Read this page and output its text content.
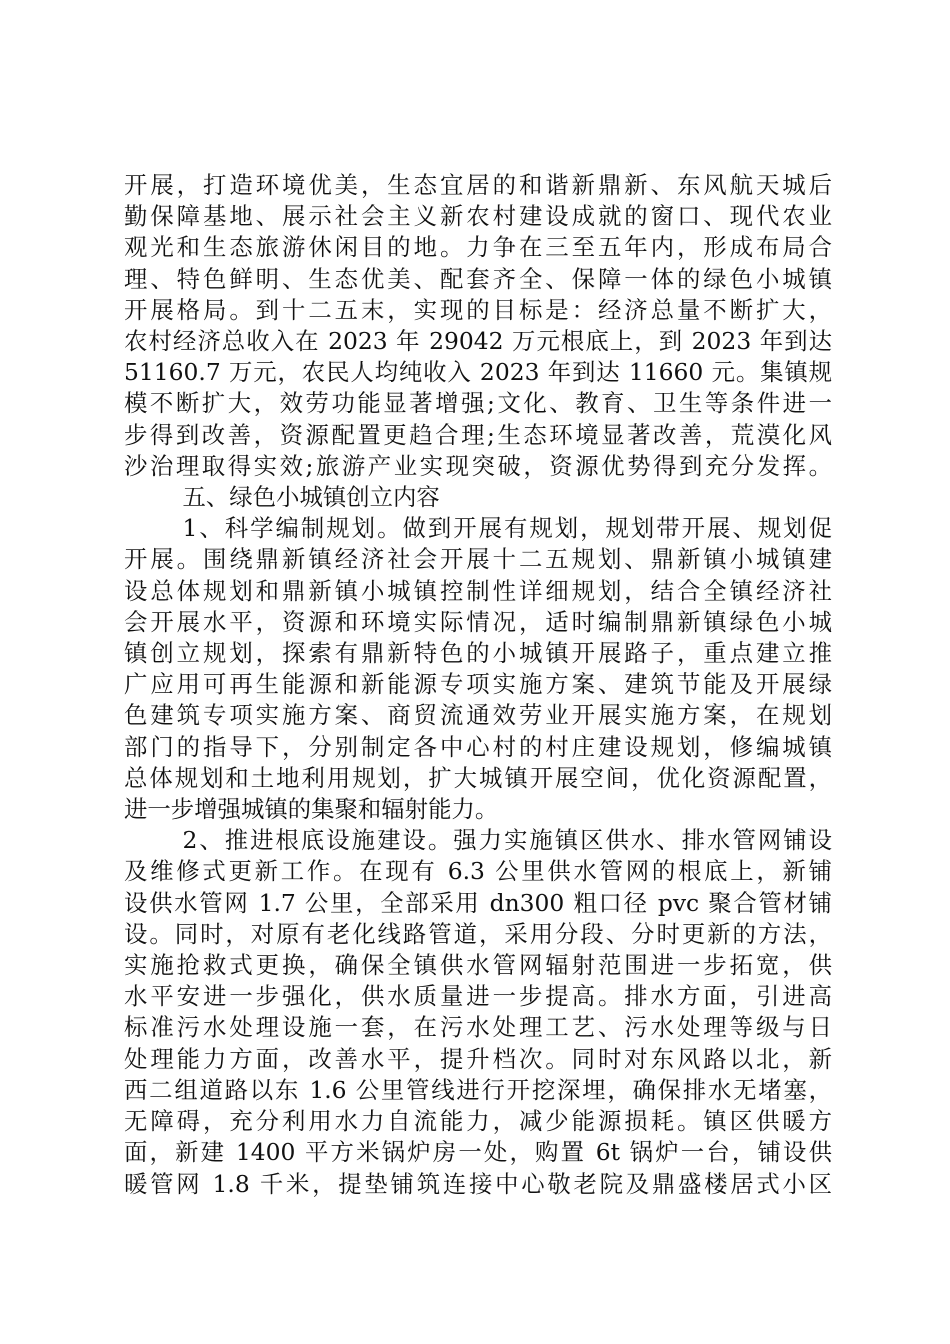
开展，打造环境优美，生态宜居的和谐新鼎新、东风航天城后
勤保障基地、展示社会主义新农村建设成就的窗口、现代农业
观光和生态旅游休闲目的地。力争在三至五年内，形成布局合
理、特色鲜明、生态优美、配套齐全、保障一体的绿色小城镇
开展格局。到十二五末，实现的目标是：经济总量不断扩大，
农村经济总收入在 2023 年 29042 万元根底上，到 2023 年到达
51160.7 万元，农民人均纯收入 2023 年到达 11660 元。集镇规
模不断扩大，效劳功能显著增强;文化、教育、卫生等条件进一
步得到改善，资源配置更趋合理;生态环境显著改善，荒漠化风
沙治理取得实效;旅游产业实现突破，资源优势得到充分发挥。
五、绿色小城镇创立内容
1、科学编制规划。做到开展有规划，规划带开展、规划促
开展。围绕鼎新镇经济社会开展十二五规划、鼎新镇小城镇建
设总体规划和鼎新镇小城镇控制性详细规划，结合全镇经济社
会开展水平，资源和环境实际情况，适时编制鼎新镇绿色小城
镇创立规划，探索有鼎新特色的小城镇开展路子，重点建立推
广应用可再生能源和新能源专项实施方案、建筑节能及开展绿
色建筑专项实施方案、商贸流通效劳业开展实施方案，在规划
部门的指导下，分别制定各中心村的村庄建设规划，修编城镇
总体规划和土地利用规划，扩大城镇开展空间，优化资源配置，
进一步增强城镇的集聚和辐射能力。
2、推进根底设施建设。强力实施镇区供水、排水管网铺设
及维修式更新工作。在现有 6.3 公里供水管网的根底上，新铺
设供水管网 1.7 公里，全部采用 dn300 粗口径 pvc 聚合管材铺
设。同时，对原有老化线路管道，采用分段、分时更新的方法，
实施抢救式更换，确保全镇供水管网辐射范围进一步拓宽，供
水平安进一步强化，供水质量进一步提高。排水方面，引进高
标准污水处理设施一套，在污水处理工艺、污水处理等级与日
处理能力方面，改善水平，提升档次。同时对东风路以北，新
西二组道路以东 1.6 公里管线进行开挖深埋，确保排水无堵塞，
无障碍，充分利用水力自流能力，减少能源损耗。镇区供暖方
面，新建 1400 平方米锅炉房一处，购置 6t 锅炉一台，铺设供
暖管网 1.8 千米，提垫铺筑连接中心敬老院及鼎盛楼居式小区
